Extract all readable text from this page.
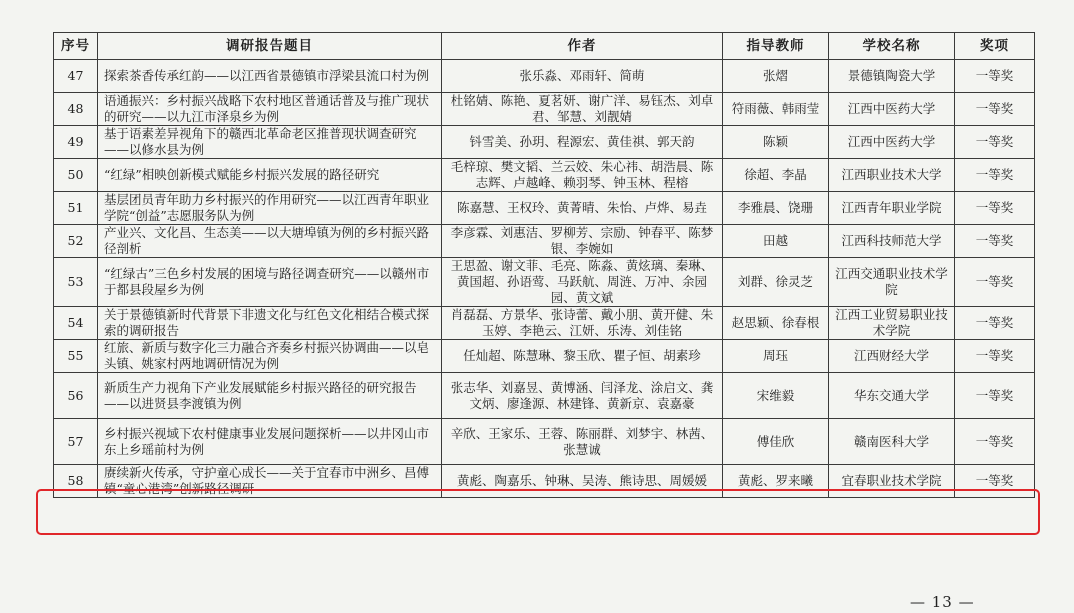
序号	调研报告题目	作者	指导教师	学校名称	奖项
47	探索茶香传承红韵——以江西省景德镇市浮梁县流口村为例	张乐淼、邓雨轩、简萌	张熠	景德镇陶瓷大学	一等奖
48	语通振兴：乡村振兴战略下农村地区普通话普及与推广现状的研究——以九江市泽泉乡为例	杜铭婧、陈艳、夏茗妍、谢广洋、易钰杰、刘卓君、邹慧、刘靓婧	符雨薇、韩雨莹	江西中医药大学	一等奖
49	基于语素差异视角下的赣西北革命老区推普现状调查研究——以修水县为例	钭雪美、孙玥、程源宏、黄佳祺、郭天韵	陈颖	江西中医药大学	一等奖
50	“红绿”相映创新模式赋能乡村振兴发展的路径研究	毛梓琼、樊文韬、兰云姣、朱心祎、胡浩晨、陈志辉、卢越峰、赖羽琴、钟玉林、程榕	徐超、李晶	江西职业技术大学	一等奖
51	基层团员青年助力乡村振兴的作用研究——以江西青年职业学院“创益”志愿服务队为例	陈嘉慧、王权玲、黄菁晴、朱怡、卢烨、易垚	李雅晨、饶珊	江西青年职业学院	一等奖
52	产业兴、文化昌、生态美——以大塘埠镇为例的乡村振兴路径剖析	李彦霖、刘惠洁、罗柳芳、宗励、钟春平、陈梦银、李婉如	田越	江西科技师范大学	一等奖
53	“红绿古”三色乡村发展的困境与路径调查研究——以赣州市于都县段屋乡为例	王思盈、谢文菲、毛亮、陈淼、黄炫璃、秦琳、黄国超、孙语莺、马跃航、周涟、万冲、余园园、黄文斌	刘群、徐灵芝	江西交通职业技术学院	一等奖
54	关于景德镇新时代背景下非遗文化与红色文化相结合模式探索的调研报告	肖磊磊、方景华、张诗蕾、戴小朋、黄开健、朱玉婷、李艳云、江妍、乐涛、刘佳铭	赵思颖、徐春根	江西工业贸易职业技术学院	一等奖
55	红旅、新质与数字化三力融合齐奏乡村振兴协调曲——以皂头镇、姚家村两地调研情况为例	任灿超、陈慧琳、黎玉欣、瞿子恒、胡素珍	周珏	江西财经大学	一等奖
56	新质生产力视角下产业发展赋能乡村振兴路径的研究报告——以进贤县李渡镇为例	张志华、刘嘉昱、黄博涵、闫泽龙、涂启文、龚文炳、廖逢源、林建锋、黄新京、袁嘉豪	宋维毅	华东交通大学	一等奖
57	乡村振兴视域下农村健康事业发展问题探析——以井冈山市东上乡瑶前村为例	辛欣、王家乐、王蓉、陈丽群、刘梦宇、林茜、张慧诚	傅佳欣	赣南医科大学	一等奖
58	赓续新火传承，守护童心成长——关于宜春市中洲乡、昌傅镇“童心港湾”创新路径调研	黄彪、陶嘉乐、钟琳、吴涛、熊诗思、周媛媛	黄彪、罗来曦	宜春职业技术学院	一等奖
— 13 —
